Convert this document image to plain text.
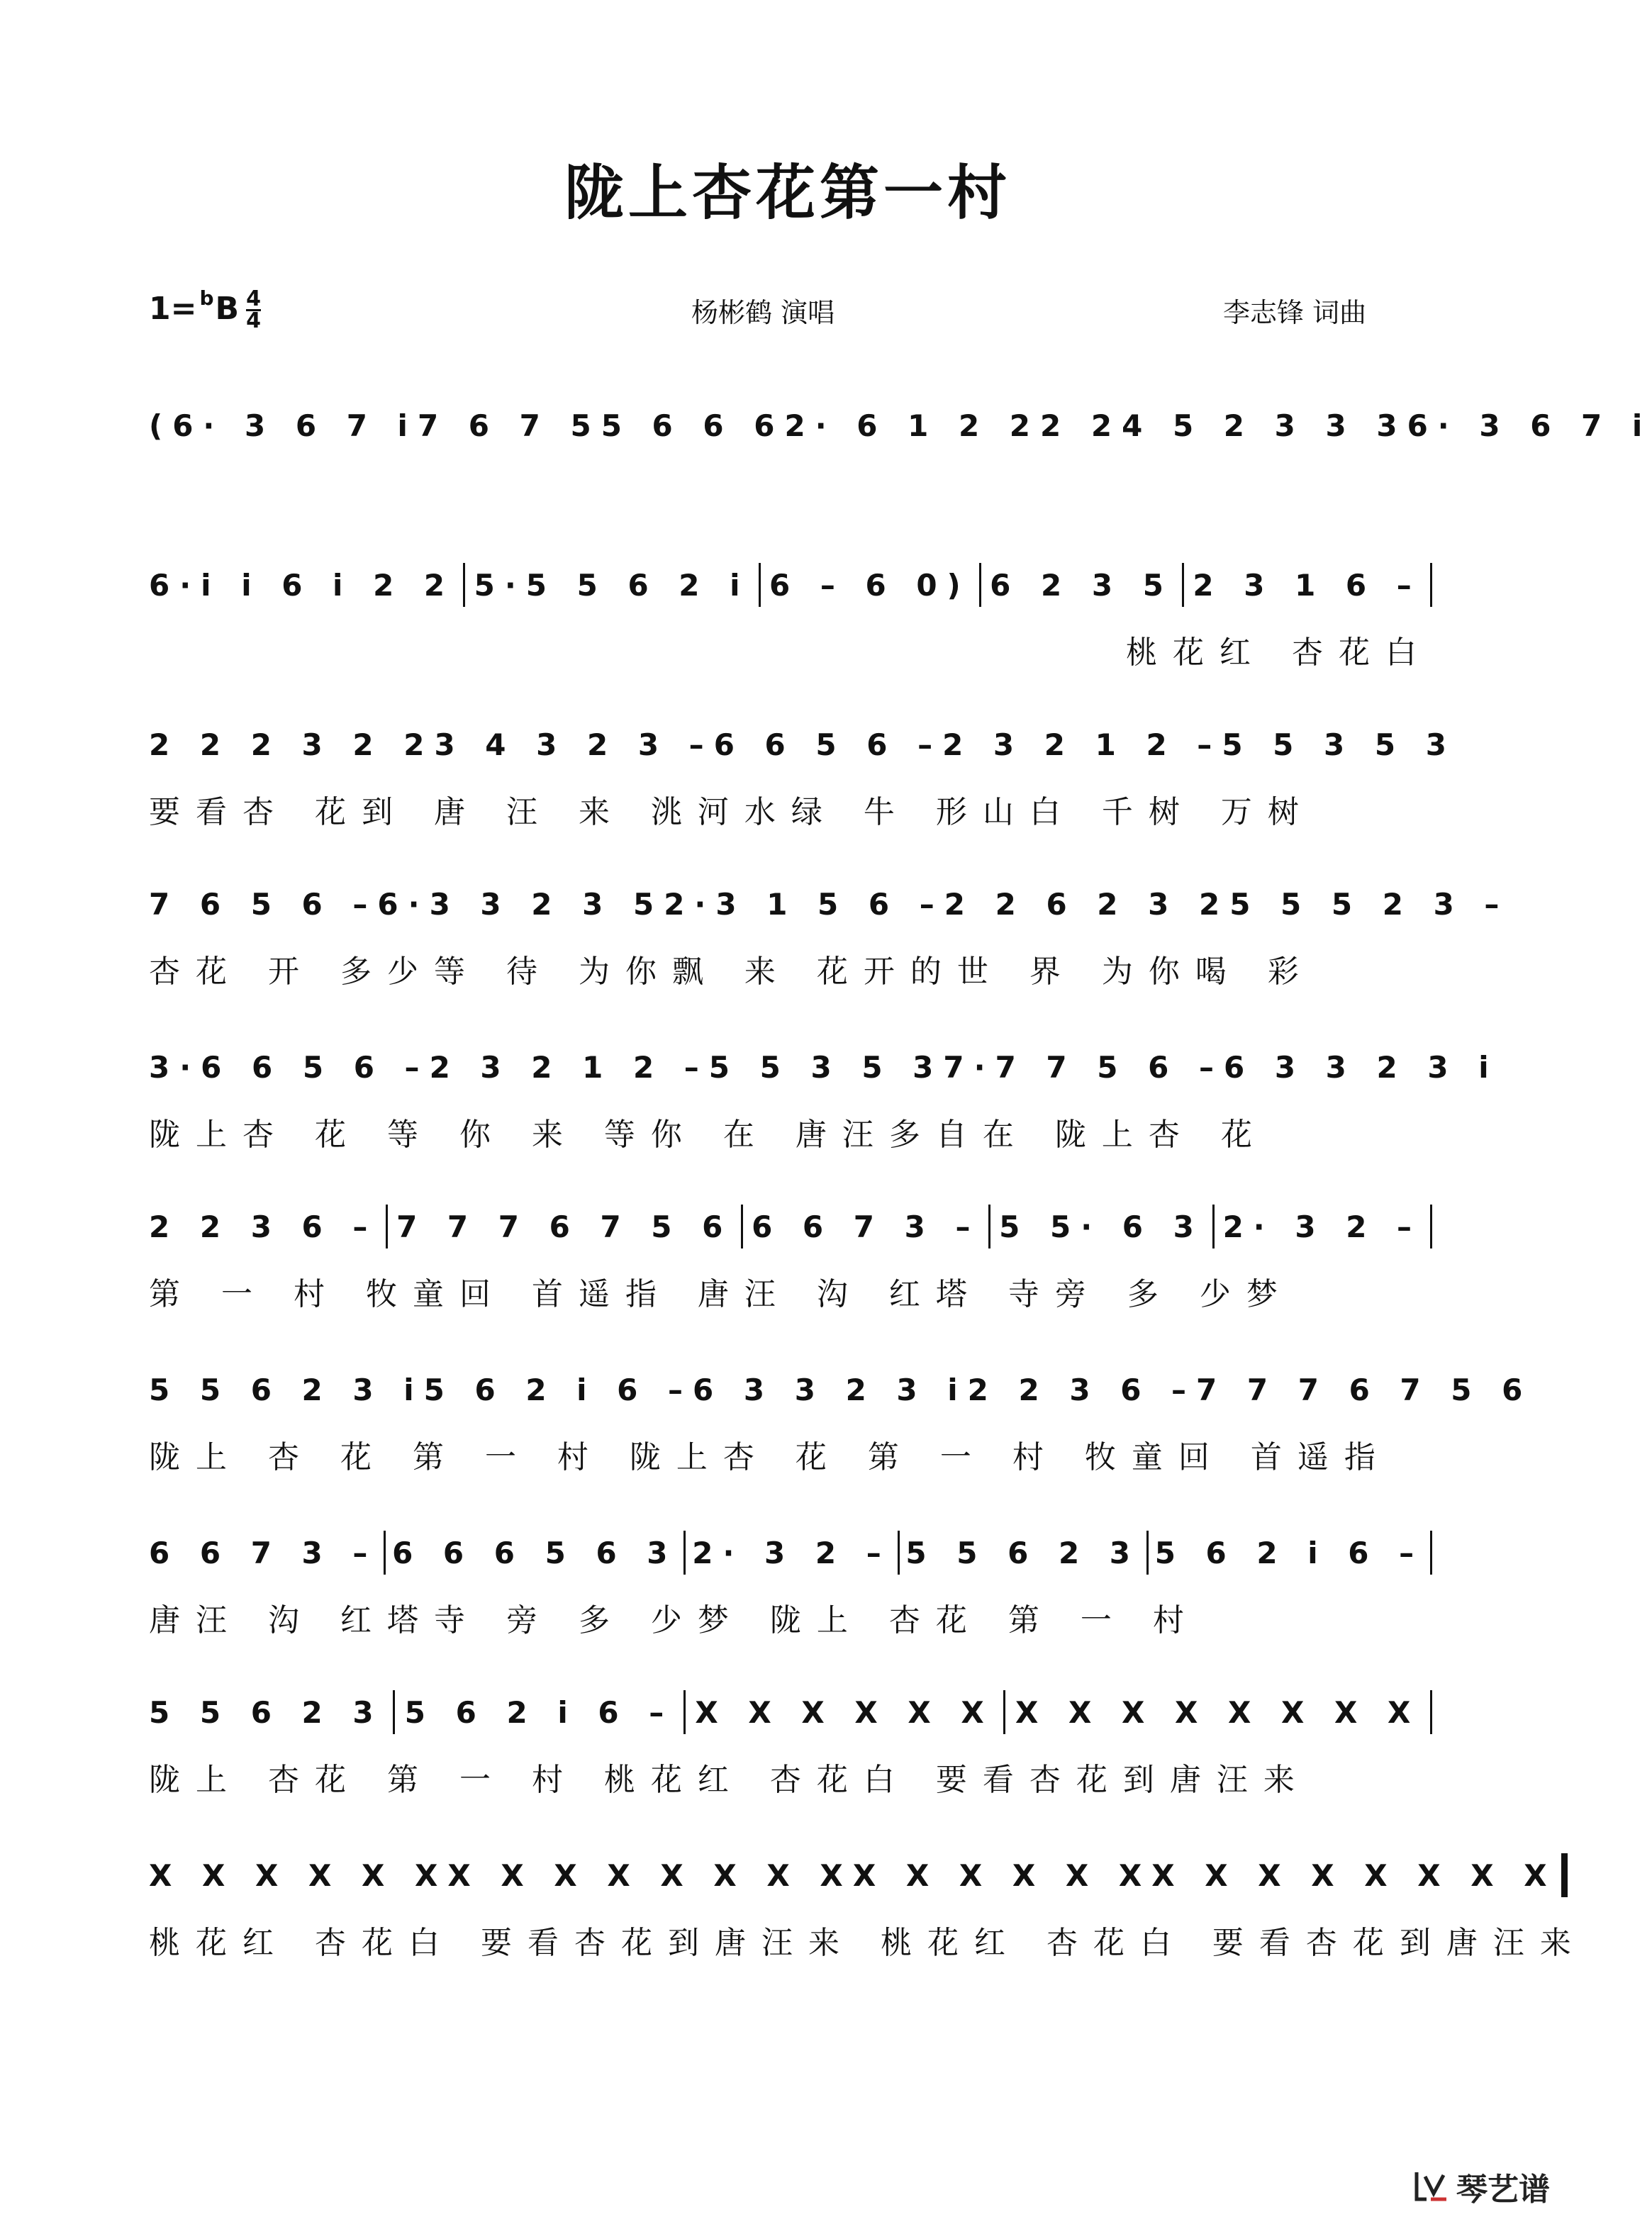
陇上杏花第一村
1= b B 4
4	杨彬鹤 演唱	李志锋 词曲
(6· 3 6 7 i 7 6 7 55 6 6 6 2· 6 1 2 2 2 24 5 2 3 3 3 6· 3 6 7 i
6·i i 6 i 2 2 5·5 5 6 2 i 6 – 6 0) 6 2 3 5 2 3 1 6 –
桃花红 杏花白
2 2 2 3 2 2 3 4 3 2 3 – 6 6 5 6 – 2 3 2 1 2 – 5 5 3 5 3
要看杏 花到 唐 汪 来 洮河水绿 牛 形山白 千树 万树
7 6 5 6 – 6·3 3 2 3 5 2·3 1 5 6 – 2 2 6 2 3 2 5 5 5 2 3 –
杏花 开 多少等 待 为你飘 来 花开的世 界 为你喝 彩
3·6 6 5 6 – 2 3 2 1 2 – 5 5 3 5 3 7·7 7 5 6 – 6 3 3 2 3 i
陇上杏 花 等 你 来 等你 在 唐汪多自在 陇上杏 花
2 2 3 6 – 7 7 7 6 7 5 6 6 6 7 3 – 5 5· 6 3 2· 3 2 –
第 一 村 牧童回 首遥指 唐汪 沟 红塔 寺旁 多 少梦
5 5 6 2 3 i 5 6 2 i 6 – 6 3 3 2 3 i 2 2 3 6 – 7 7 7 6 7 5 6
陇上 杏 花 第 一 村 陇上杏 花 第 一 村 牧童回 首遥指
6 6 7 3 – 6 6 6 5 6 3 2· 3 2 – 5 5 6 2 3 5 6 2 i 6 –
唐汪 沟 红塔寺 旁 多 少梦 陇上 杏花 第 一 村
5 5 6 2 3 5 6 2 i 6 – X X X X X X X X X X X X X X
陇上 杏花 第 一 村 桃花红 杏花白 要看杏花到唐汪来
X X X X X X X X X X X X X X X X X X X X X X X X X X X X
桃花红 杏花白 要看杏花到唐汪来 桃花红 杏花白 要看杏花到唐汪来
琴艺谱
